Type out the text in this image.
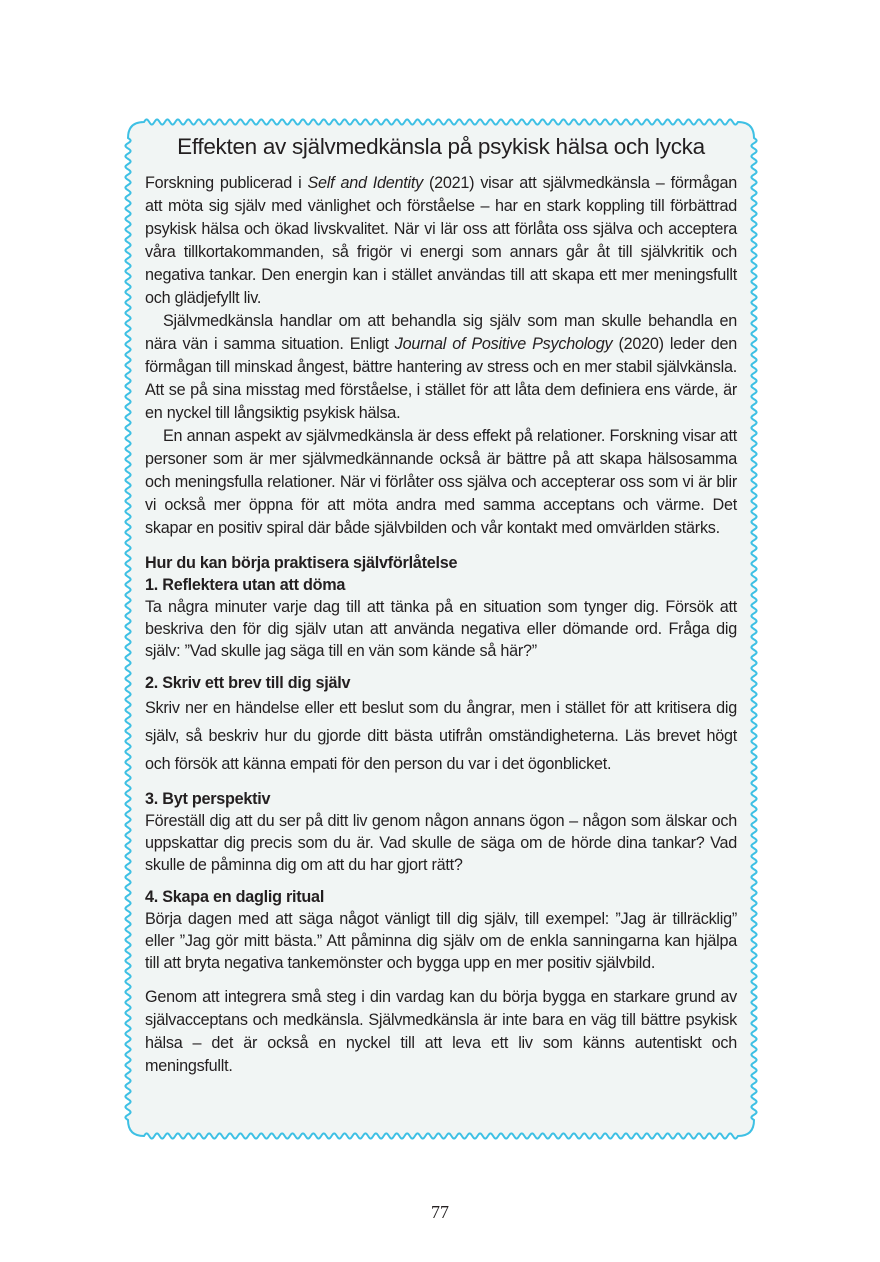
Effekten av självmedkänsla på psykisk hälsa och lycka

Forskning publicerad i Self and Identity (2021) visar att självmedkänsla – förmågan att möta sig själv med vänlighet och förståelse – har en stark koppling till förbättrad psykisk hälsa och ökad livskvalitet. När vi lär oss att förlåta oss själva och acceptera våra tillkortakommanden, så frigör vi energi som annars går åt till självkritik och negativa tankar. Den energin kan i stället användas till att skapa ett mer meningsfullt och glädjefyllt liv.

Självmedkänsla handlar om att behandla sig själv som man skulle behandla en nära vän i samma situation. Enligt Journal of Positive Psychology (2020) leder den förmågan till minskad ångest, bättre hantering av stress och en mer stabil självkänsla. Att se på sina misstag med förståelse, i stället för att låta dem definiera ens värde, är en nyckel till långsiktig psykisk hälsa.

En annan aspekt av självmedkänsla är dess effekt på relationer. Forskning visar att personer som är mer självmedkännande också är bättre på att skapa hälsosamma och meningsfulla relationer. När vi förlåter oss själva och accepterar oss som vi är blir vi också mer öppna för att möta andra med samma acceptans och värme. Det skapar en positiv spiral där både självbilden och vår kontakt med omvärlden stärks.

Hur du kan börja praktisera självförlåtelse
1. Reflektera utan att döma

Ta några minuter varje dag till att tänka på en situation som tynger dig. Försök att beskriva den för dig själv utan att använda negativa eller dömande ord. Fråga dig själv: ”Vad skulle jag säga till en vän som kände så här?”

2. Skriv ett brev till dig själv

Skriv ner en händelse eller ett beslut som du ångrar, men i stället för att kritisera dig själv, så beskriv hur du gjorde ditt bästa utifrån omständigheterna. Läs brevet högt och försök att känna empati för den person du var i det ögonblicket.

3. Byt perspektiv

Föreställ dig att du ser på ditt liv genom någon annans ögon – någon som älskar och uppskattar dig precis som du är. Vad skulle de säga om de hörde dina tankar? Vad skulle de påminna dig om att du har gjort rätt?

4. Skapa en daglig ritual

Börja dagen med att säga något vänligt till dig själv, till exempel: ”Jag är tillräcklig” eller ”Jag gör mitt bästa.” Att påminna dig själv om de enkla sanningarna kan hjälpa till att bryta negativa tankemönster och bygga upp en mer positiv självbild.

Genom att integrera små steg i din vardag kan du börja bygga en starkare grund av självacceptans och medkänsla. Självmedkänsla är inte bara en väg till bättre psykisk hälsa – det är också en nyckel till att leva ett liv som känns autentiskt och meningsfullt.

77
